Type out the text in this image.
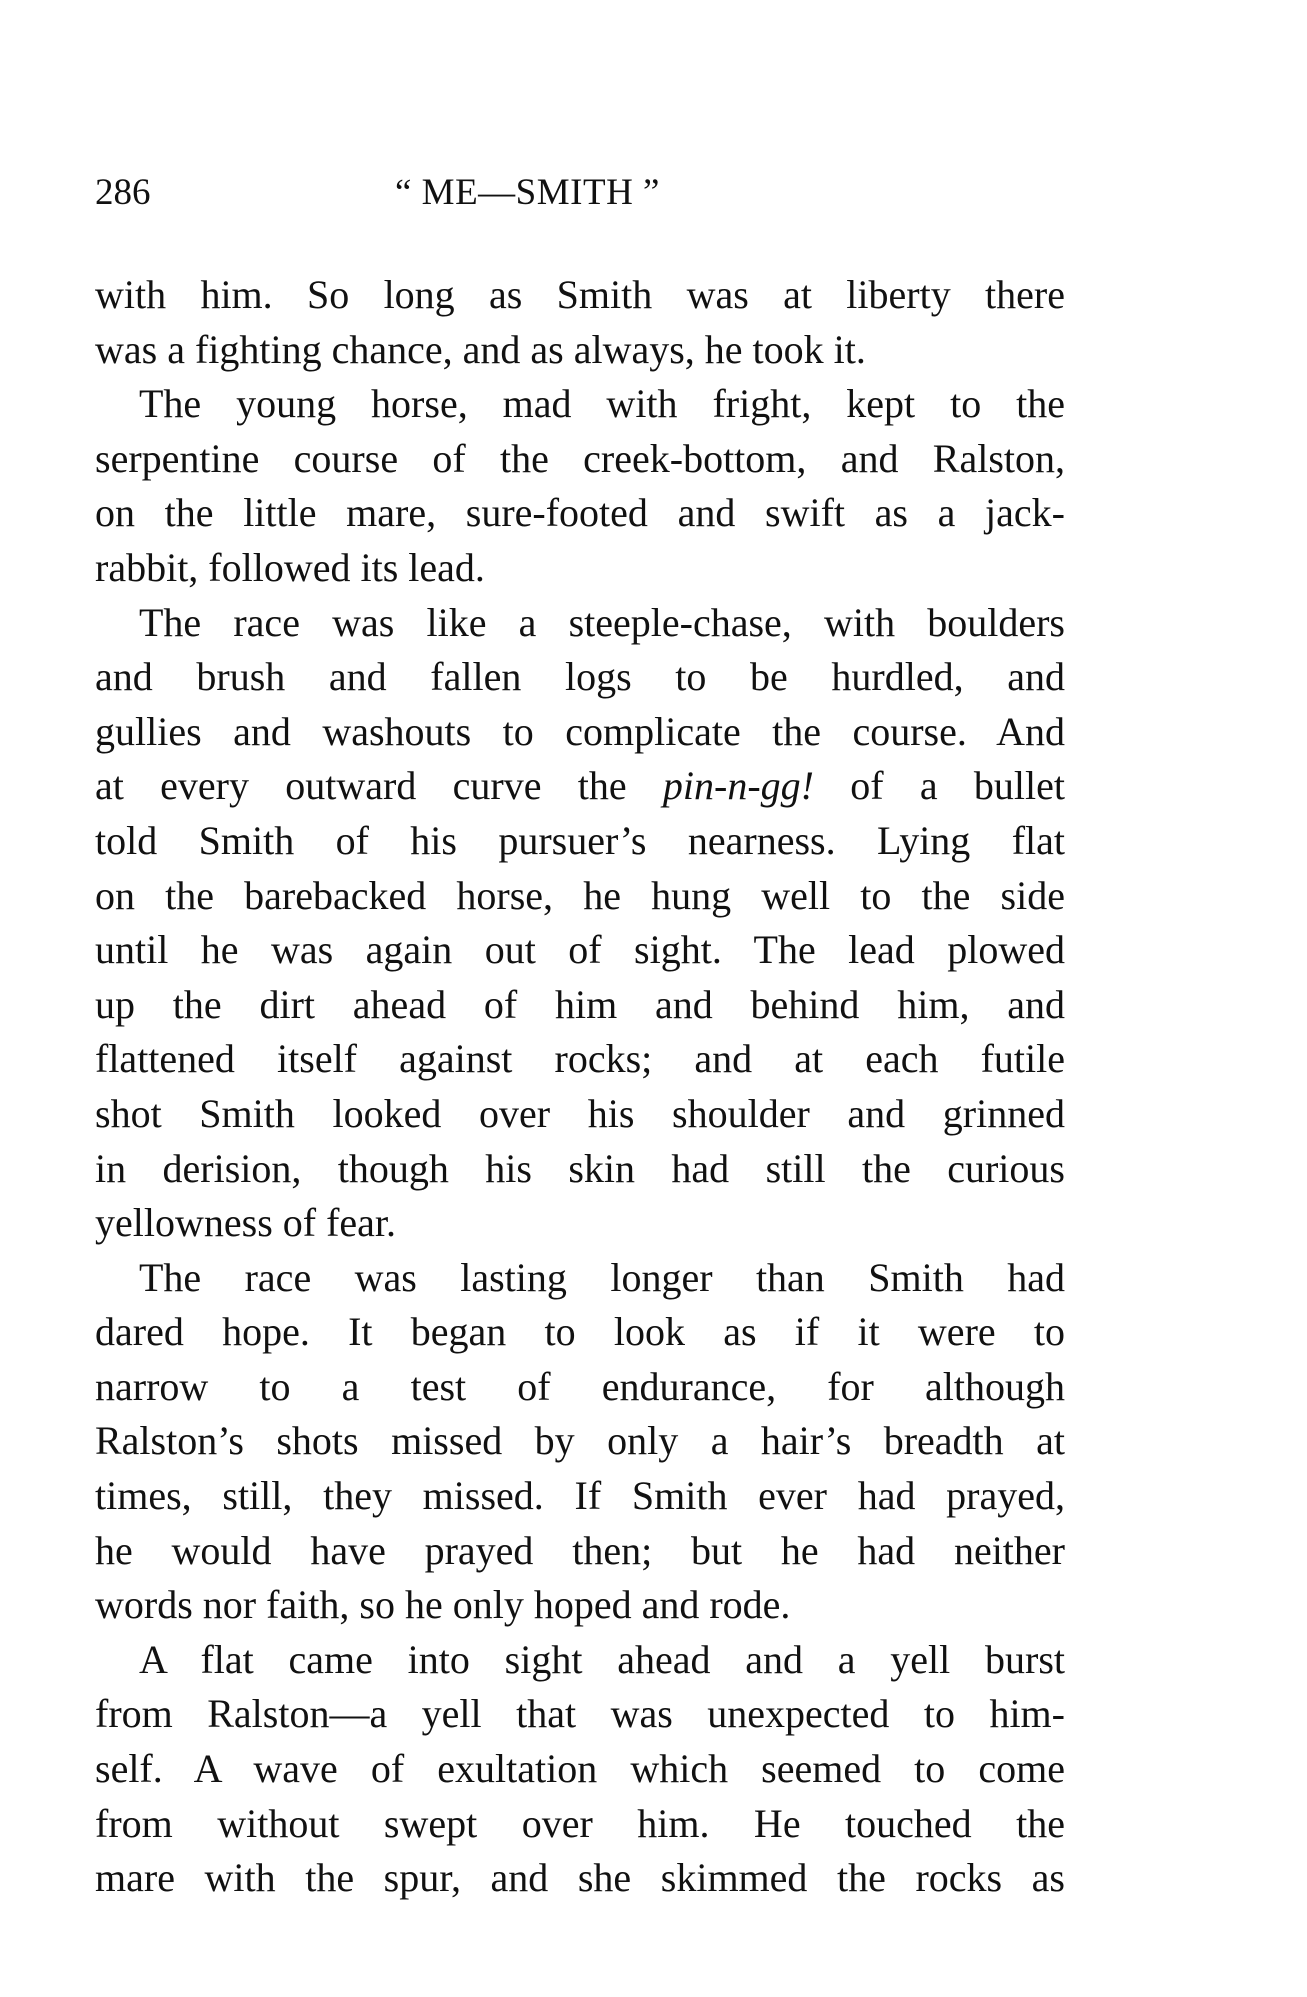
286	“ ME—SMITH ”

with him. So long as Smith was at liberty there
was a fighting chance, and as always, he took it.

The young horse, mad with fright, kept to the
serpentine course of the creek-bottom, and Ralston,
on the little mare, sure-footed and swift as a jack-
rabbit, followed its lead.

The race was like a steeple-chase, with boulders
and brush and fallen logs to be hurdled, and
gullies and washouts to complicate the course. And
at every outward curve the pin-n-gg! of a bullet
told Smith of his pursuer’s nearness. Lying flat
on the barebacked horse, he hung well to the side
until he was again out of sight. The lead plowed
up the dirt ahead of him and behind him, and
flattened itself against rocks; and at each futile
shot Smith looked over his shoulder and grinned
in derision, though his skin had still the curious
yellowness of fear.

The race was lasting longer than Smith had
dared hope. It began to look as if it were to
narrow to a test of endurance, for although
Ralston’s shots missed by only a hair’s breadth at
times, still, they missed. If Smith ever had prayed,
he would have prayed then; but he had neither
words nor faith, so he only hoped and rode.

A flat came into sight ahead and a yell burst
from Ralston—a yell that was unexpected to him-
self. A wave of exultation which seemed to come
from without swept over him. He touched the
mare with the spur, and she skimmed the rocks as
